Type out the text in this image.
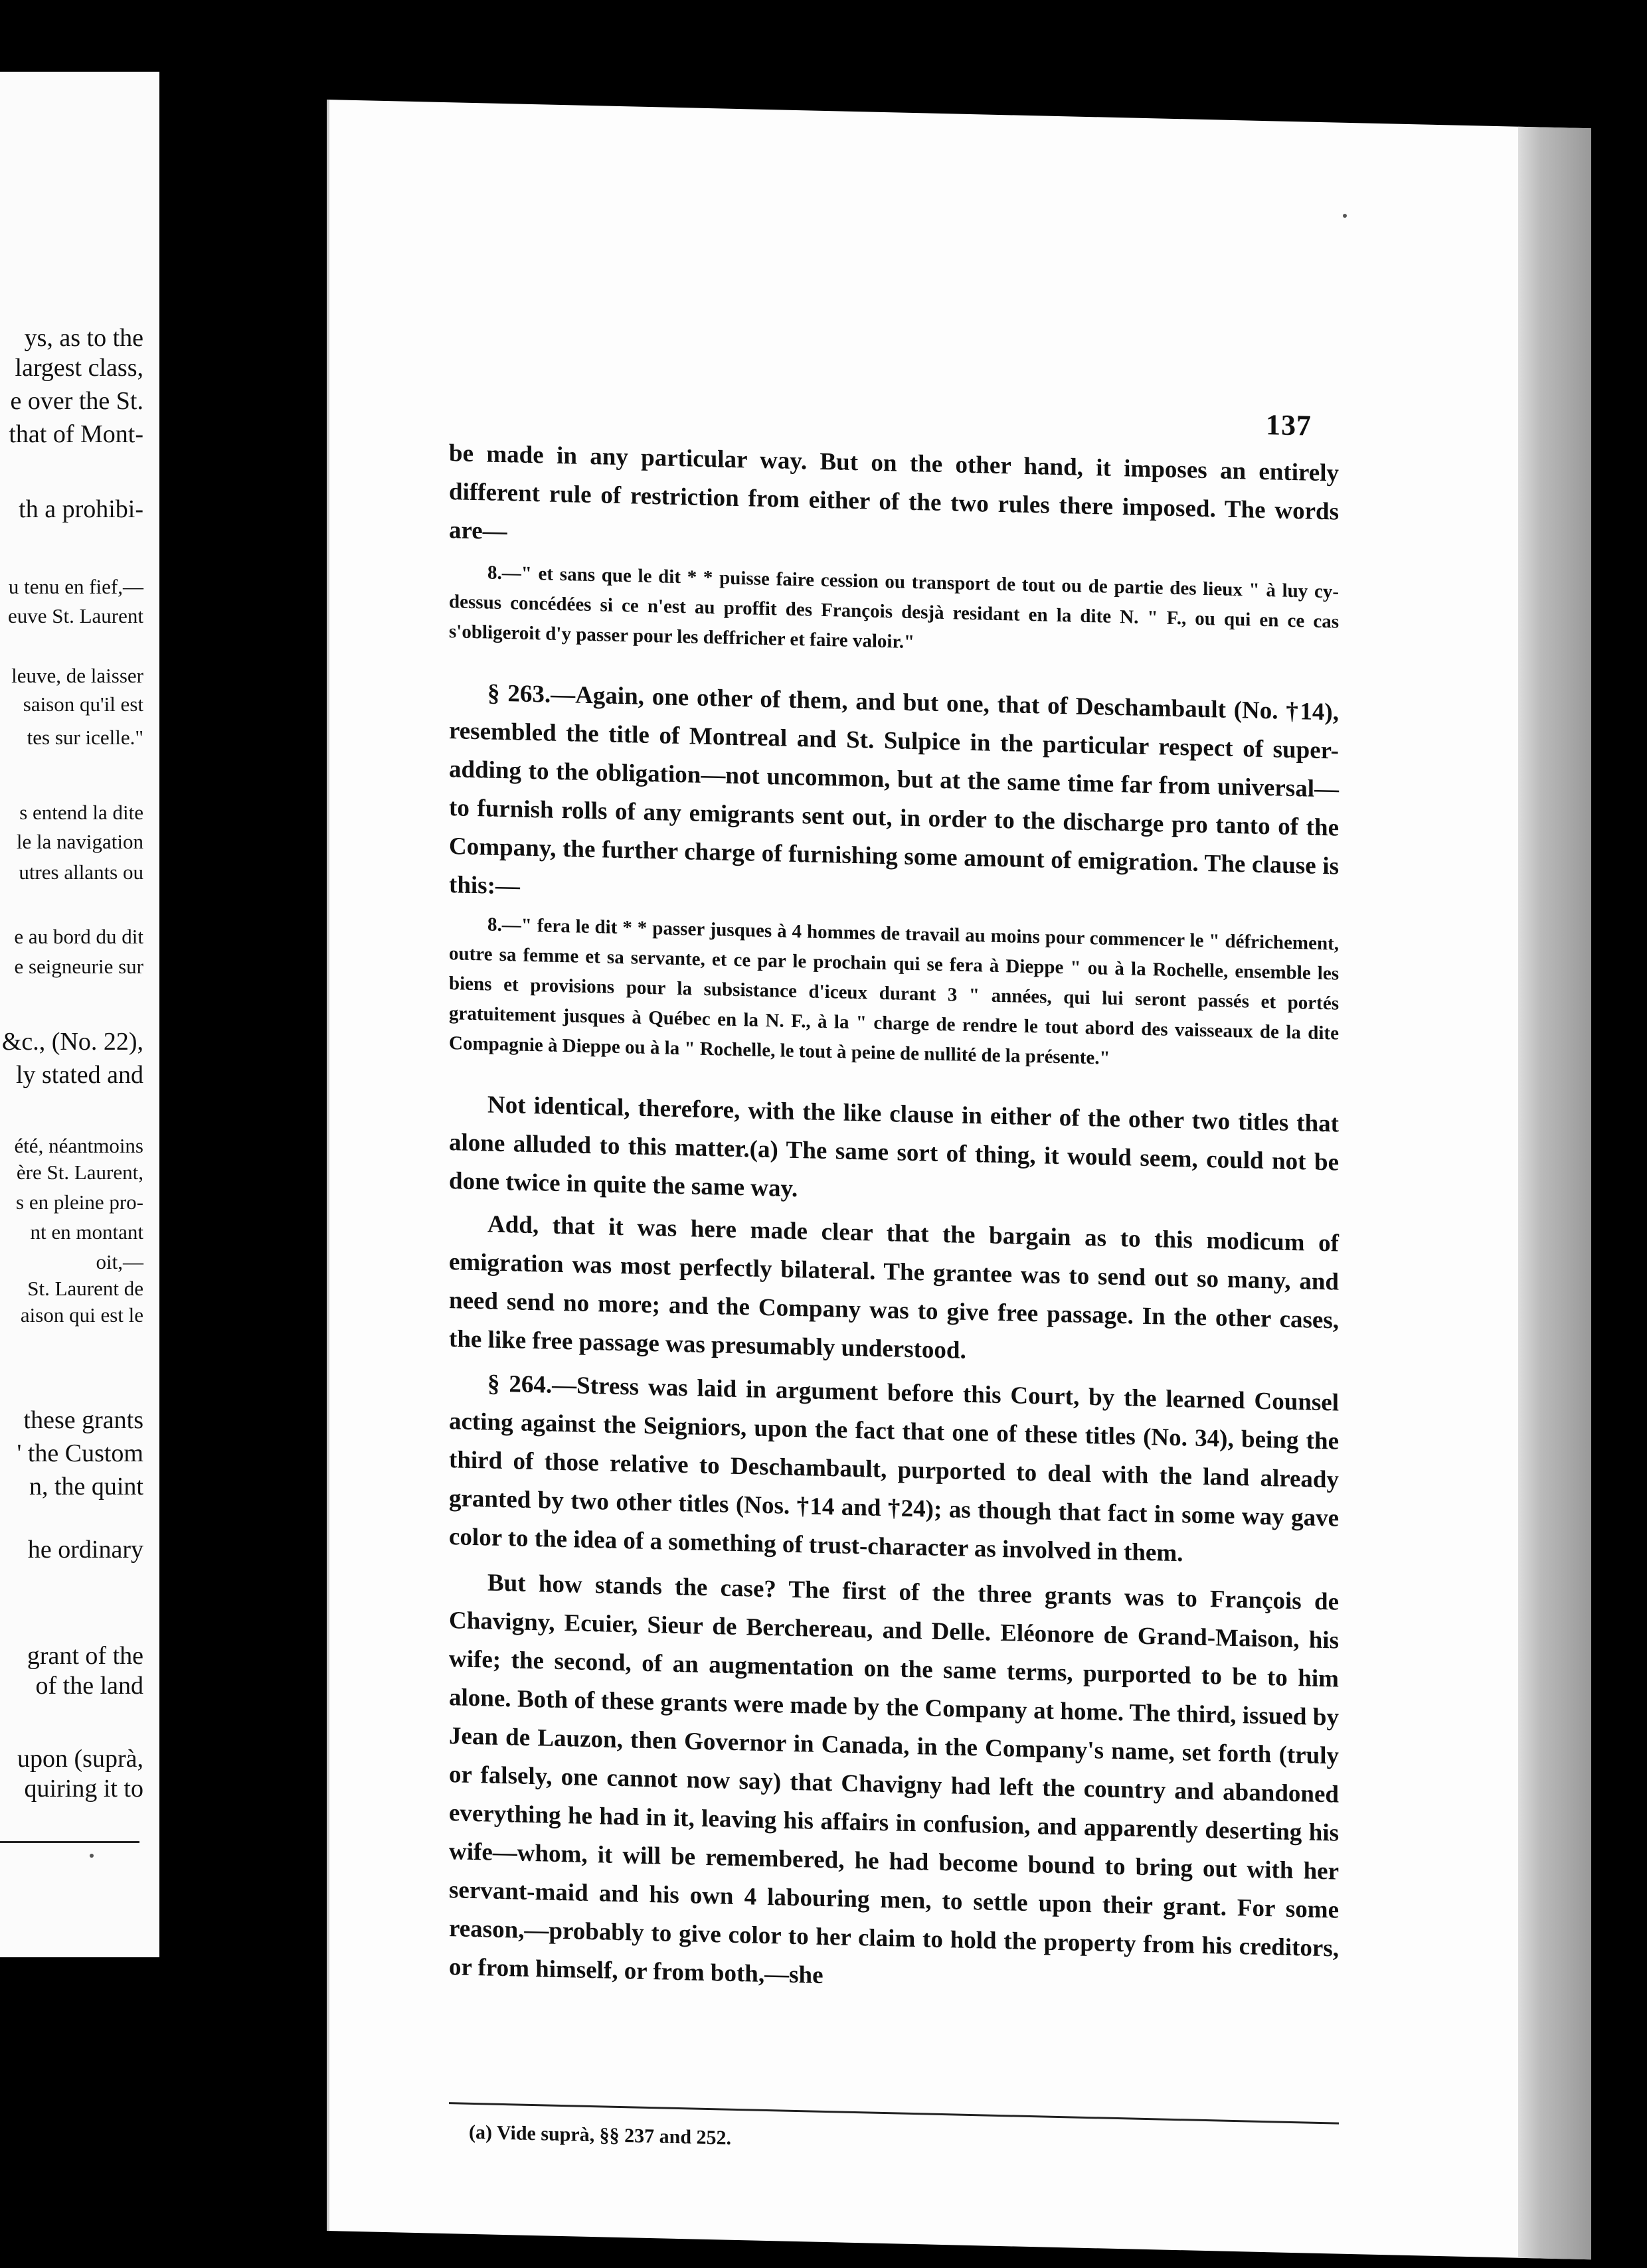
ys, as to the
largest class,
e over the St.
that of Mont-
th a prohibi-
u tenu en fief,—
euve St. Laurent
leuve, de laisser
saison qu'il est
tes sur icelle."
s entend la dite
le la navigation
utres allants ou
e au bord du dit
e seigneurie sur
&c., (No. 22),
ly stated and
été, néantmoins
ère St. Laurent,
s en pleine pro-
nt en montant
oit,—
St. Laurent de
aison qui est le
these grants
' the Custom
n, the quint
he ordinary
grant of the
of the land
upon (suprà,
quiring it to
137
be made in any particular way. But on the other hand, it imposes an entirely different rule of restriction from either of the two rules there imposed. The words are—
8.—" et sans que le dit * * puisse faire cession ou transport de tout ou de partie des lieux " à luy cy-dessus concédées si ce n'est au proffit des François desjà residant en la dite N. " F., ou qui en ce cas s'obligeroit d'y passer pour les deffricher et faire valoir."
§ 263.—Again, one other of them, and but one, that of Deschambault (No. †14), resembled the title of Montreal and St. Sulpice in the particular respect of super-adding to the obligation—not uncommon, but at the same time far from universal—to furnish rolls of any emigrants sent out, in order to the discharge pro tanto of the Company, the further charge of furnishing some amount of emigration. The clause is this:—
8.—" fera le dit * * passer jusques à 4 hommes de travail au moins pour commencer le " défrichement, outre sa femme et sa servante, et ce par le prochain qui se fera à Dieppe " ou à la Rochelle, ensemble les biens et provisions pour la subsistance d'iceux durant 3 " années, qui lui seront passés et portés gratuitement jusques à Québec en la N. F., à la " charge de rendre le tout abord des vaisseaux de la dite Compagnie à Dieppe ou à la " Rochelle, le tout à peine de nullité de la présente."
Not identical, therefore, with the like clause in either of the other two titles that alone alluded to this matter.(a) The same sort of thing, it would seem, could not be done twice in quite the same way.
Add, that it was here made clear that the bargain as to this modicum of emigration was most perfectly bilateral. The grantee was to send out so many, and need send no more; and the Company was to give free passage. In the other cases, the like free passage was presumably understood.
§ 264.—Stress was laid in argument before this Court, by the learned Counsel acting against the Seigniors, upon the fact that one of these titles (No. 34), being the third of those relative to Deschambault, purported to deal with the land already granted by two other titles (Nos. †14 and †24); as though that fact in some way gave color to the idea of a something of trust-character as involved in them.
But how stands the case? The first of the three grants was to François de Chavigny, Ecuier, Sieur de Berchereau, and Delle. Eléonore de Grand-Maison, his wife; the second, of an augmentation on the same terms, purported to be to him alone. Both of these grants were made by the Company at home. The third, issued by Jean de Lauzon, then Governor in Canada, in the Company's name, set forth (truly or falsely, one cannot now say) that Chavigny had left the country and abandoned everything he had in it, leaving his affairs in confusion, and apparently deserting his wife—whom, it will be remembered, he had become bound to bring out with her servant-maid and his own 4 labouring men, to settle upon their grant. For some reason,—probably to give color to her claim to hold the property from his creditors, or from himself, or from both,—she
(a) Vide suprà, §§ 237 and 252.
